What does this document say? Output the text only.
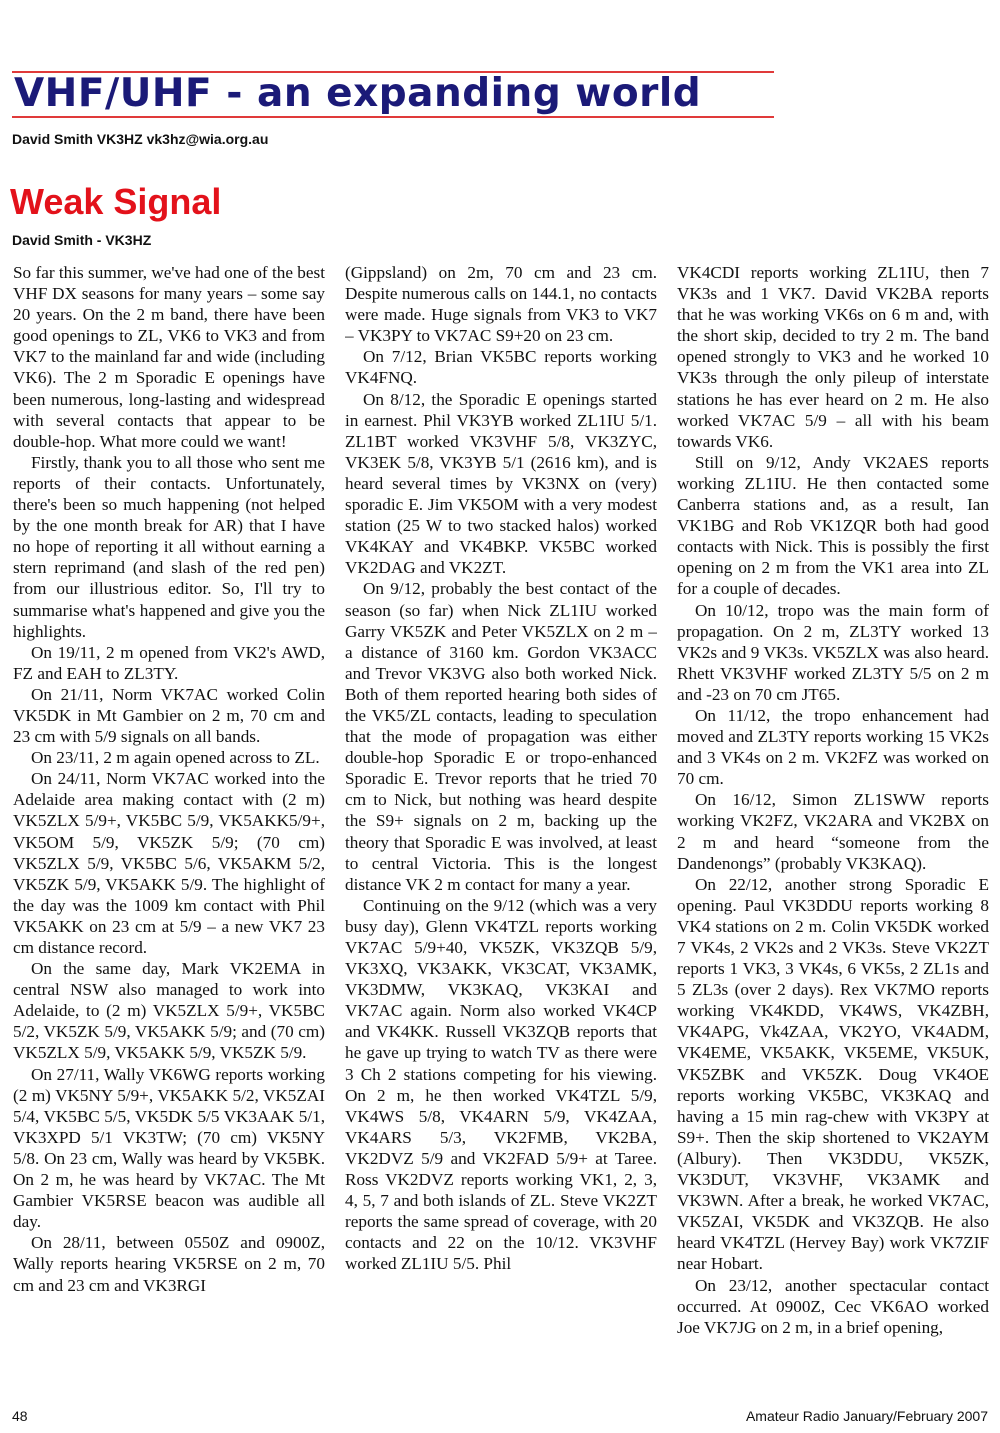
VHF/UHF - an expanding world
David Smith VK3HZ vk3hz@wia.org.au
Weak Signal
David Smith - VK3HZ

So far this summer, we've had one of the best VHF DX seasons for many years – some say 20 years. On the 2 m band, there have been good openings to ZL, VK6 to VK3 and from VK7 to the mainland far and wide (including VK6). The 2 m Sporadic E openings have been numerous, long-lasting and widespread with several contacts that appear to be double-hop. What more could we want!

Firstly, thank you to all those who sent me reports of their contacts. Unfortunately, there's been so much happening (not helped by the one month break for AR) that I have no hope of reporting it all without earning a stern reprimand (and slash of the red pen) from our illustrious editor. So, I'll try to summarise what's happened and give you the highlights.

On 19/11, 2 m opened from VK2's AWD, FZ and EAH to ZL3TY.

On 21/11, Norm VK7AC worked Colin VK5DK in Mt Gambier on 2 m, 70 cm and 23 cm with 5/9 signals on all bands.

On 23/11, 2 m again opened across to ZL.

On 24/11, Norm VK7AC worked into the Adelaide area making contact with (2 m) VK5ZLX 5/9+, VK5BC 5/9, VK5AKK5/9+, VK5OM 5/9, VK5ZK 5/9; (70 cm) VK5ZLX 5/9, VK5BC 5/6, VK5AKM 5/2, VK5ZK 5/9, VK5AKK 5/9. The highlight of the day was the 1009 km contact with Phil VK5AKK on 23 cm at 5/9 – a new VK7 23 cm distance record.

On the same day, Mark VK2EMA in central NSW also managed to work into Adelaide, to (2 m) VK5ZLX 5/9+, VK5BC 5/2, VK5ZK 5/9, VK5AKK 5/9; and (70 cm) VK5ZLX 5/9, VK5AKK 5/9, VK5ZK 5/9.

On 27/11, Wally VK6WG reports working (2 m) VK5NY 5/9+, VK5AKK 5/2, VK5ZAI 5/4, VK5BC 5/5, VK5DK 5/5 VK3AAK 5/1, VK3XPD 5/1 VK3TW; (70 cm) VK5NY 5/8. On 23 cm, Wally was heard by VK5BK. On 2 m, he was heard by VK7AC. The Mt Gambier VK5RSE beacon was audible all day.

On 28/11, between 0550Z and 0900Z, Wally reports hearing VK5RSE on 2 m, 70 cm and 23 cm and VK3RGI

(Gippsland) on 2m, 70 cm and 23 cm. Despite numerous calls on 144.1, no contacts were made. Huge signals from VK3 to VK7 – VK3PY to VK7AC S9+20 on 23 cm.

On 7/12, Brian VK5BC reports working VK4FNQ.

On 8/12, the Sporadic E openings started in earnest. Phil VK3YB worked ZL1IU 5/1. ZL1BT worked VK3VHF 5/8, VK3ZYC, VK3EK 5/8, VK3YB 5/1 (2616 km), and is heard several times by VK3NX on (very) sporadic E. Jim VK5OM with a very modest station (25 W to two stacked halos) worked VK4KAY and VK4BKP. VK5BC worked VK2DAG and VK2ZT.

On 9/12, probably the best contact of the season (so far) when Nick ZL1IU worked Garry VK5ZK and Peter VK5ZLX on 2 m – a distance of 3160 km. Gordon VK3ACC and Trevor VK3VG also both worked Nick. Both of them reported hearing both sides of the VK5/ZL contacts, leading to speculation that the mode of propagation was either double-hop Sporadic E or tropo-enhanced Sporadic E. Trevor reports that he tried 70 cm to Nick, but nothing was heard despite the S9+ signals on 2 m, backing up the theory that Sporadic E was involved, at least to central Victoria. This is the longest distance VK 2 m contact for many a year.

Continuing on the 9/12 (which was a very busy day), Glenn VK4TZL reports working VK7AC 5/9+40, VK5ZK, VK3ZQB 5/9, VK3XQ, VK3AKK, VK3CAT, VK3AMK, VK3DMW, VK3KAQ, VK3KAI and VK7AC again. Norm also worked VK4CP and VK4KK. Russell VK3ZQB reports that he gave up trying to watch TV as there were 3 Ch 2 stations competing for his viewing. On 2 m, he then worked VK4TZL 5/9, VK4WS 5/8, VK4ARN 5/9, VK4ZAA, VK4ARS 5/3, VK2FMB, VK2BA, VK2DVZ 5/9 and VK2FAD 5/9+ at Taree. Ross VK2DVZ reports working VK1, 2, 3, 4, 5, 7 and both islands of ZL. Steve VK2ZT reports the same spread of coverage, with 20 contacts and 22 on the 10/12. VK3VHF worked ZL1IU 5/5. Phil

VK4CDI reports working ZL1IU, then 7 VK3s and 1 VK7. David VK2BA reports that he was working VK6s on 6 m and, with the short skip, decided to try 2 m. The band opened strongly to VK3 and he worked 10 VK3s through the only pileup of interstate stations he has ever heard on 2 m. He also worked VK7AC 5/9 – all with his beam towards VK6.

Still on 9/12, Andy VK2AES reports working ZL1IU. He then contacted some Canberra stations and, as a result, Ian VK1BG and Rob VK1ZQR both had good contacts with Nick. This is possibly the first opening on 2 m from the VK1 area into ZL for a couple of decades.

On 10/12, tropo was the main form of propagation. On 2 m, ZL3TY worked 13 VK2s and 9 VK3s. VK5ZLX was also heard. Rhett VK3VHF worked ZL3TY 5/5 on 2 m and -23 on 70 cm JT65.

On 11/12, the tropo enhancement had moved and ZL3TY reports working 15 VK2s and 3 VK4s on 2 m. VK2FZ was worked on 70 cm.

On 16/12, Simon ZL1SWW reports working VK2FZ, VK2ARA and VK2BX on 2 m and heard “someone from the Dandenongs” (probably VK3KAQ).

On 22/12, another strong Sporadic E opening. Paul VK3DDU reports working 8 VK4 stations on 2 m. Colin VK5DK worked 7 VK4s, 2 VK2s and 2 VK3s. Steve VK2ZT reports 1 VK3, 3 VK4s, 6 VK5s, 2 ZL1s and 5 ZL3s (over 2 days). Rex VK7MO reports working VK4KDD, VK4WS, VK4ZBH, VK4APG, Vk4ZAA, VK2YO, VK4ADM, VK4EME, VK5AKK, VK5EME, VK5UK, VK5ZBK and VK5ZK. Doug VK4OE reports working VK5BC, VK3KAQ and having a 15 min rag-chew with VK3PY at S9+. Then the skip shortened to VK2AYM (Albury). Then VK3DDU, VK5ZK, VK3DUT, VK3VHF, VK3AMK and VK3WN. After a break, he worked VK7AC, VK5ZAI, VK5DK and VK3ZQB. He also heard VK4TZL (Hervey Bay) work VK7ZIF near Hobart.

On 23/12, another spectacular contact occurred. At 0900Z, Cec VK6AO worked Joe VK7JG on 2 m, in a brief opening,

48	Amateur Radio January/February 2007
